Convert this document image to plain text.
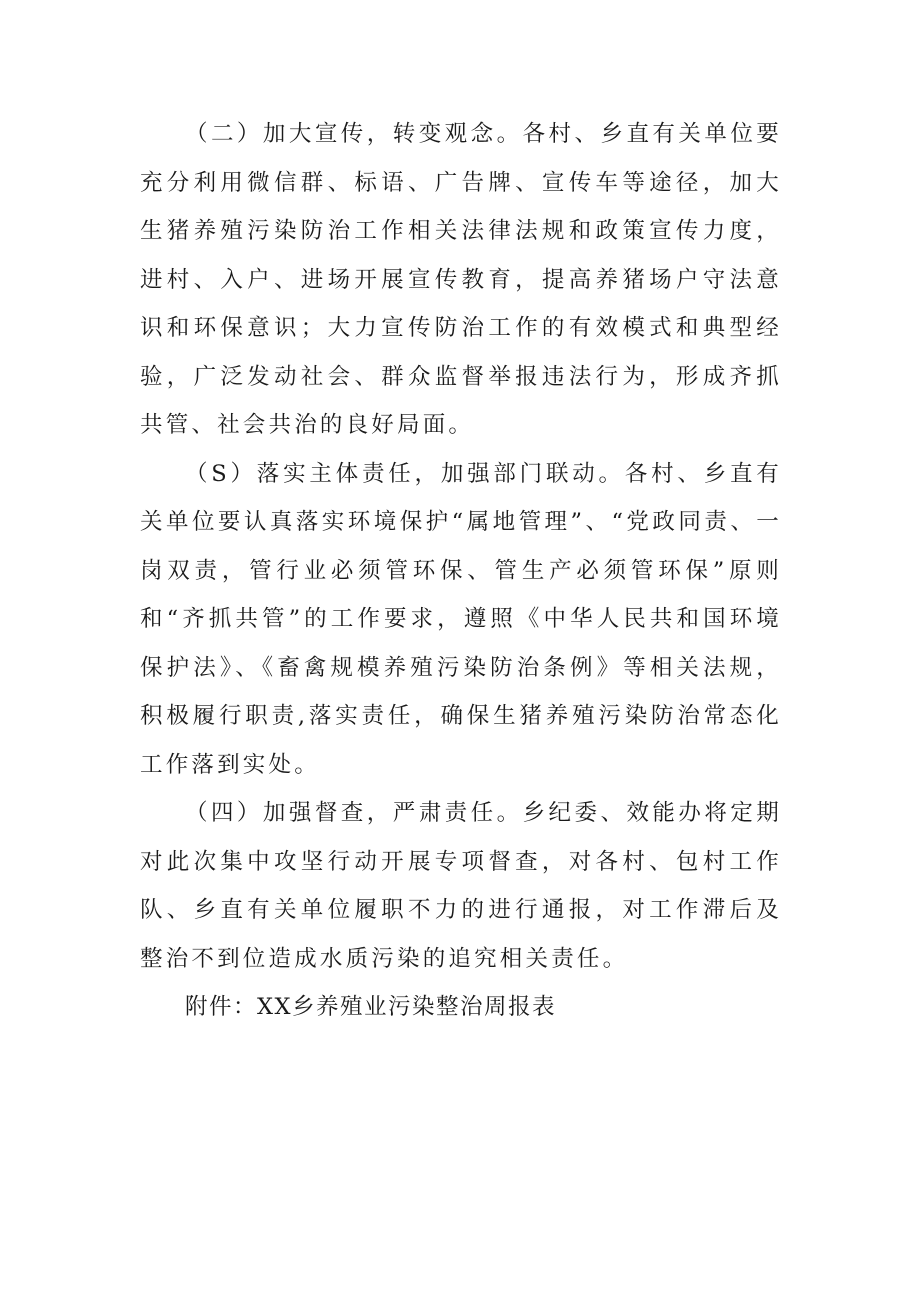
（二）加大宣传，转变观念。各村、乡直有关单位要充分利用微信群、标语、广告牌、宣传车等途径，加大生猪养殖污染防治工作相关法律法规和政策宣传力度，进村、入户、进场开展宣传教育，提高养猪场户守法意识和环保意识；大力宣传防治工作的有效模式和典型经验，广泛发动社会、群众监督举报违法行为，形成齐抓共管、社会共治的良好局面。

（S）落实主体责任，加强部门联动。各村、乡直有关单位要认真落实环境保护“属地管理”、“党政同责、一岗双责，管行业必须管环保、管生产必须管环保”原则和“齐抓共管”的工作要求，遵照《中华人民共和国环境保护法》、《畜禽规模养殖污染防治条例》等相关法规，积极履行职责,落实责任，确保生猪养殖污染防治常态化工作落到实处。

（四）加强督查，严肃责任。乡纪委、效能办将定期对此次集中攻坚行动开展专项督查，对各村、包村工作队、乡直有关单位履职不力的进行通报，对工作滞后及整治不到位造成水质污染的追究相关责任。

附件：XX乡养殖业污染整治周报表
